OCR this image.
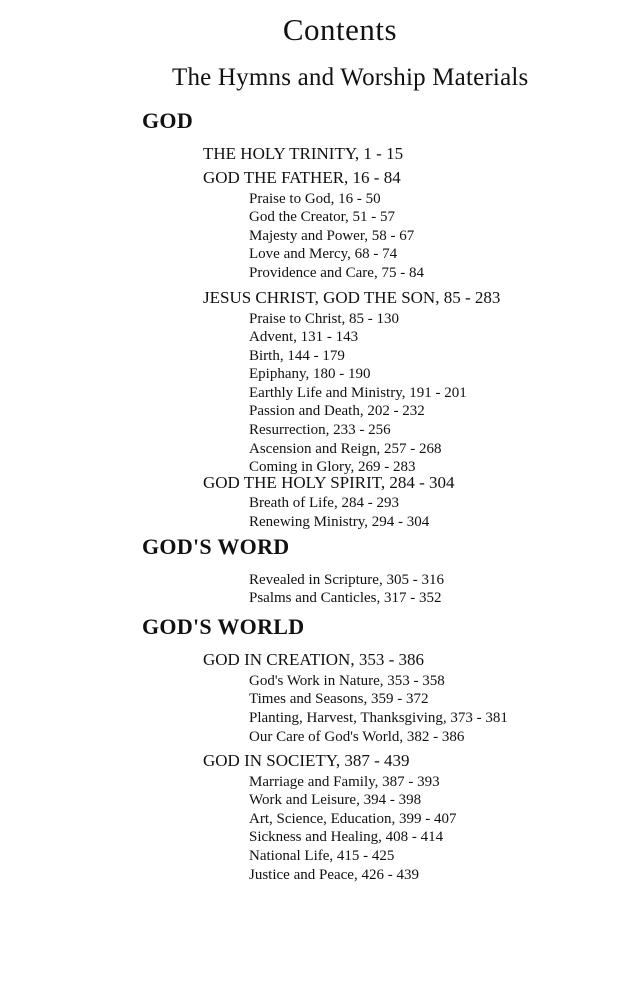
Contents
The Hymns and Worship Materials
GOD
THE HOLY TRINITY, 1 - 15
GOD THE FATHER, 16 - 84
Praise to God, 16 - 50
God the Creator, 51 - 57
Majesty and Power, 58 - 67
Love and Mercy, 68 - 74
Providence and Care, 75 - 84
JESUS CHRIST, GOD THE SON, 85 - 283
Praise to Christ, 85 - 130
Advent, 131 - 143
Birth, 144 - 179
Epiphany, 180 - 190
Earthly Life and Ministry, 191 - 201
Passion and Death, 202 - 232
Resurrection, 233 - 256
Ascension and Reign, 257 - 268
Coming in Glory, 269 - 283
GOD THE HOLY SPIRIT, 284 - 304
Breath of Life, 284 - 293
Renewing Ministry, 294 - 304
GOD'S WORD
Revealed in Scripture, 305 - 316
Psalms and Canticles, 317 - 352
GOD'S WORLD
GOD IN CREATION, 353 - 386
God's Work in Nature, 353 - 358
Times and Seasons, 359 - 372
Planting, Harvest, Thanksgiving, 373 - 381
Our Care of God's World, 382 - 386
GOD IN SOCIETY, 387 - 439
Marriage and Family, 387 - 393
Work and Leisure, 394 - 398
Art, Science, Education, 399 - 407
Sickness and Healing, 408 - 414
National Life, 415 - 425
Justice and Peace, 426 - 439
